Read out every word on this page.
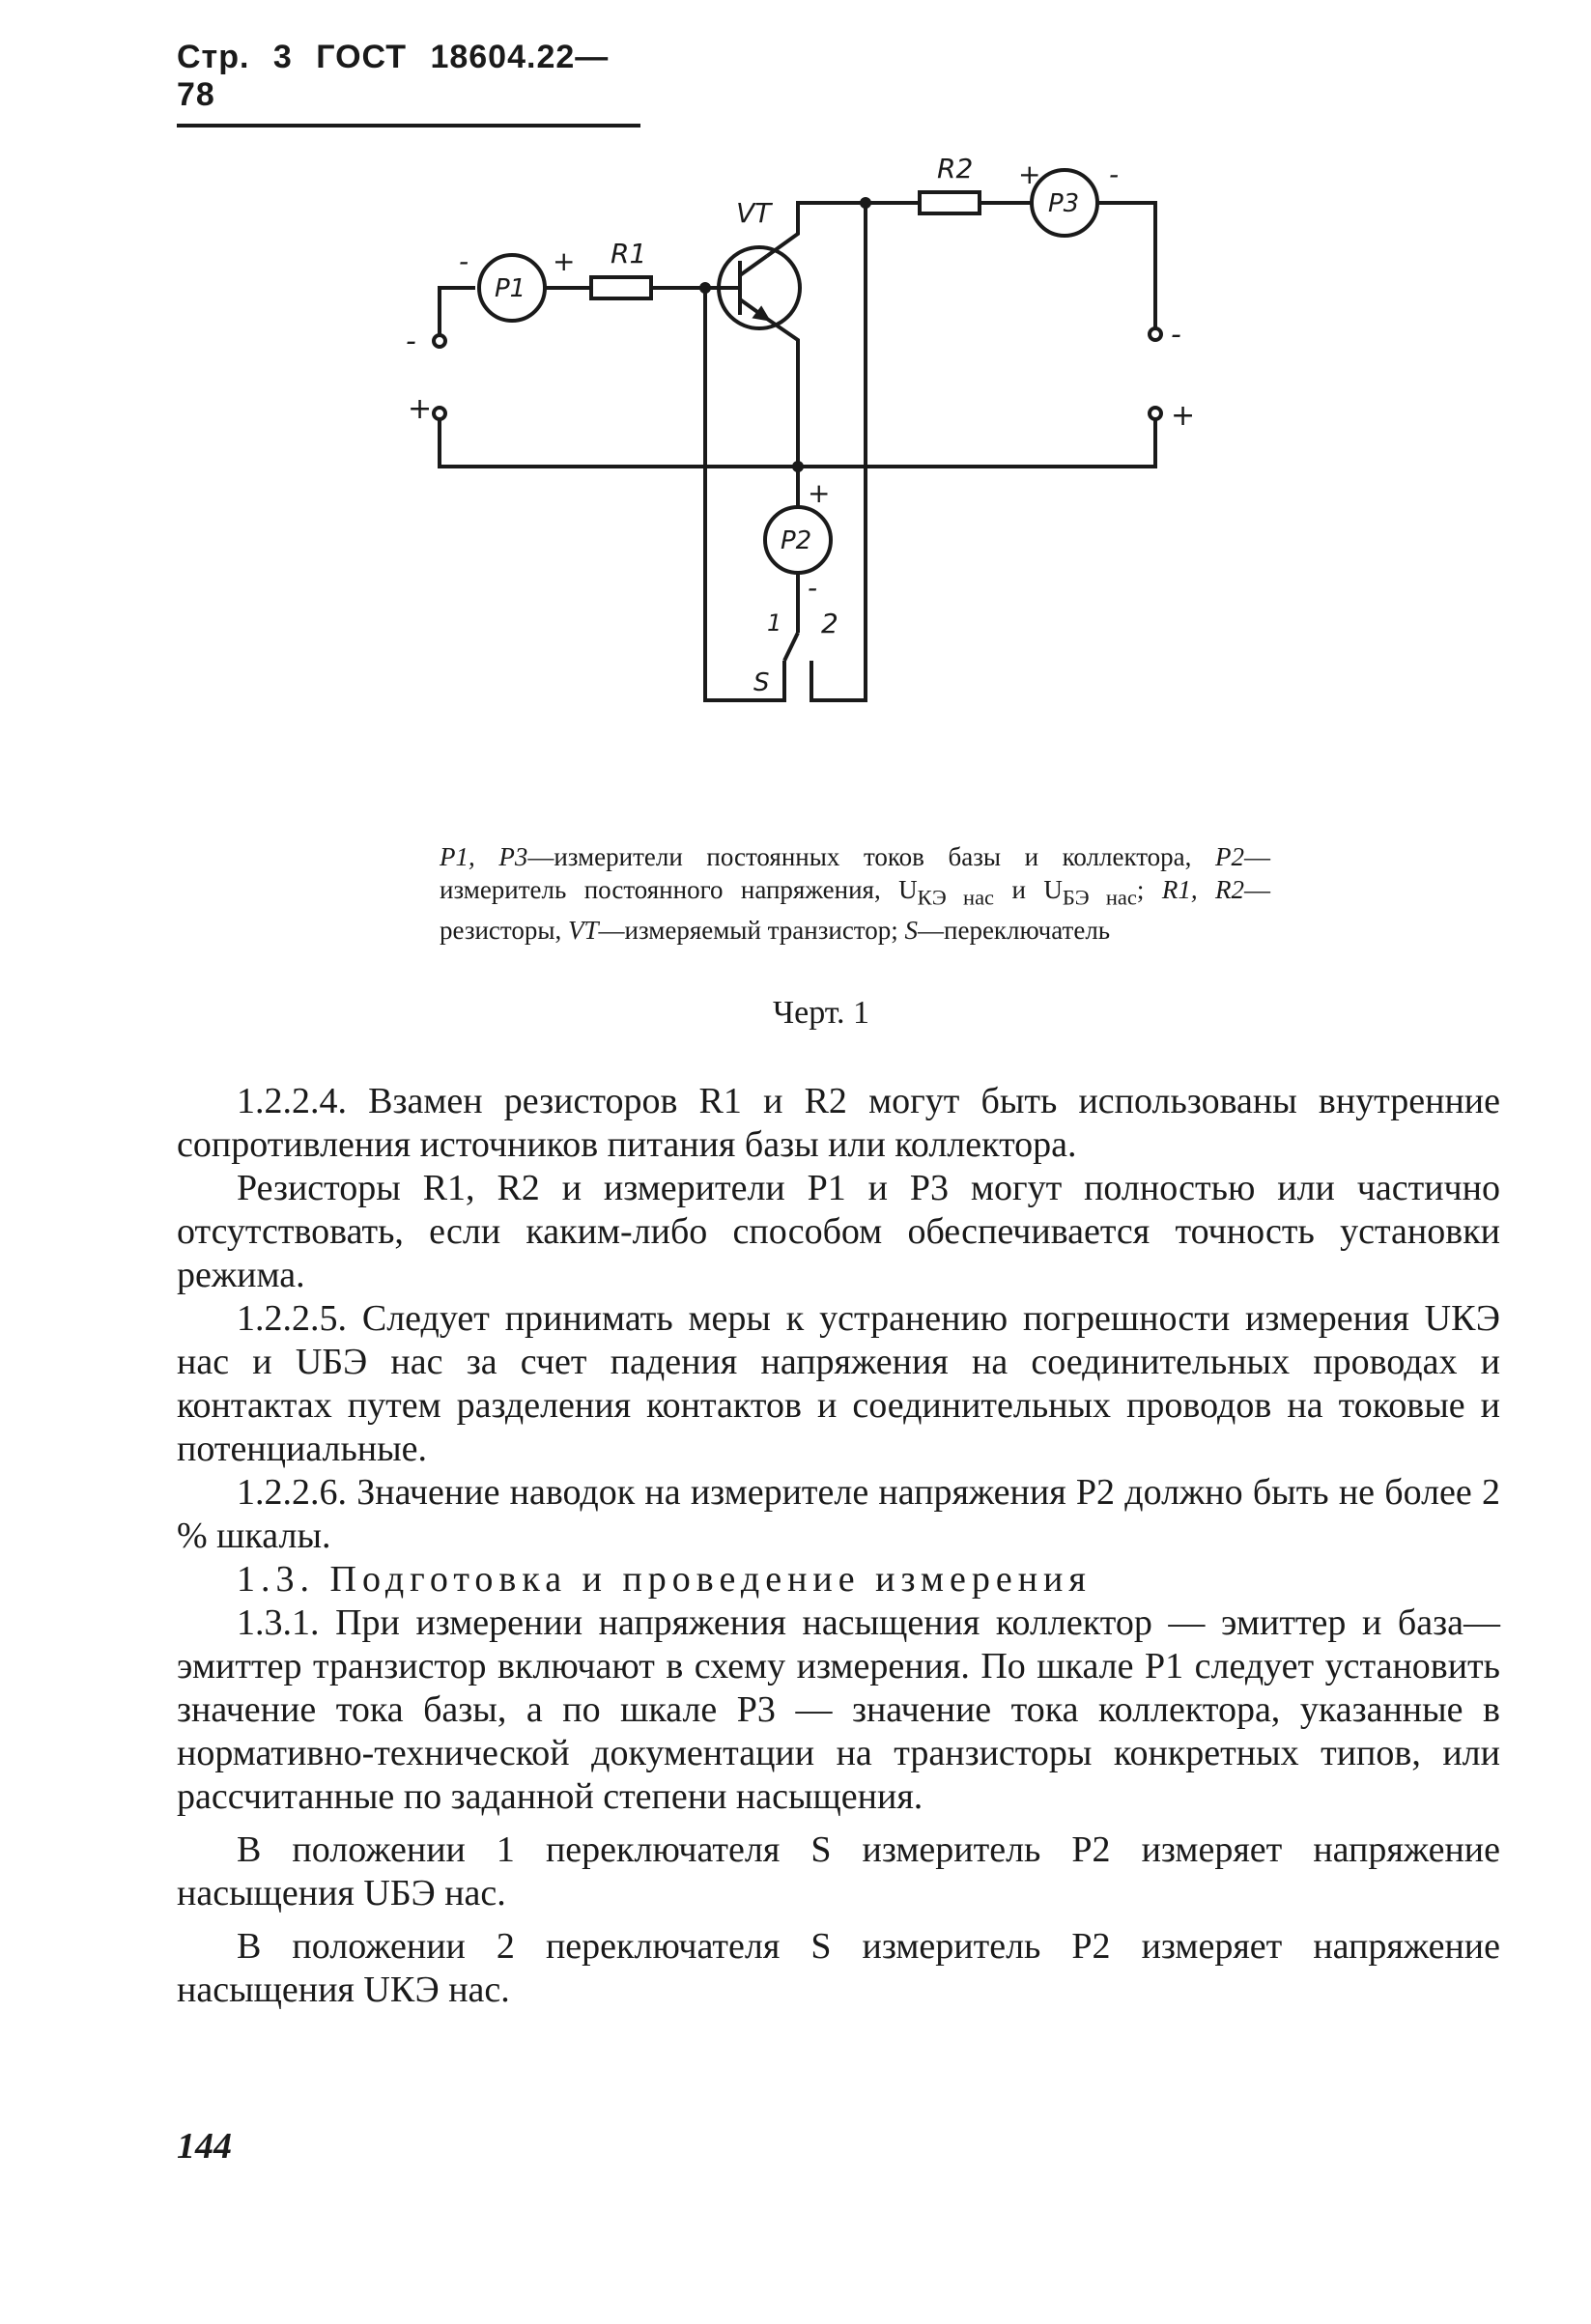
Стр. 3 ГОСТ 18604.22—78
-
+
P1
-	+ R1
VT
R2
P3
+	-
-
+
+
P2
-
1 2
S
P1, P3—измерители постоянных токов базы и коллектора, P2—измеритель постоянного напряжения, $U_{КЭ нас}$ и $U_{БЭ нас}$; R1, R2—резисторы, VT—измеряемый транзистор; S—переключатель
Черт. 1

1.2.2.4. Взамен резисторов R1 и R2 могут быть использованы внутренние сопротивления источников питания базы или коллектора.

Резисторы R1, R2 и измерители P1 и P3 могут полностью или частично отсутствовать, если каким-либо способом обеспечивается точность установки режима.

1.2.2.5. Следует принимать меры к устранению погрешности измерения UКЭ нас и UБЭ нас за счет падения напряжения на соединительных проводах и контактах путем разделения контактов и соединительных проводов на токовые и потенциальные.

1.2.2.6. Значение наводок на измерителе напряжения P2 должно быть не более 2 % шкалы.

1.3. Подготовка и проведение измерения

1.3.1. При измерении напряжения насыщения коллектор — эмиттер и база—эмиттер транзистор включают в схему измерения. По шкале P1 следует установить значение тока базы, а по шкале P3 — значение тока коллектора, указанные в нормативно-технической документации на транзисторы конкретных типов, или рассчитанные по заданной степени насыщения.

В положении 1 переключателя S измеритель P2 измеряет напряжение насыщения UБЭ нас.

В положении 2 переключателя S измеритель P2 измеряет напряжение насыщения UКЭ нас.

144
